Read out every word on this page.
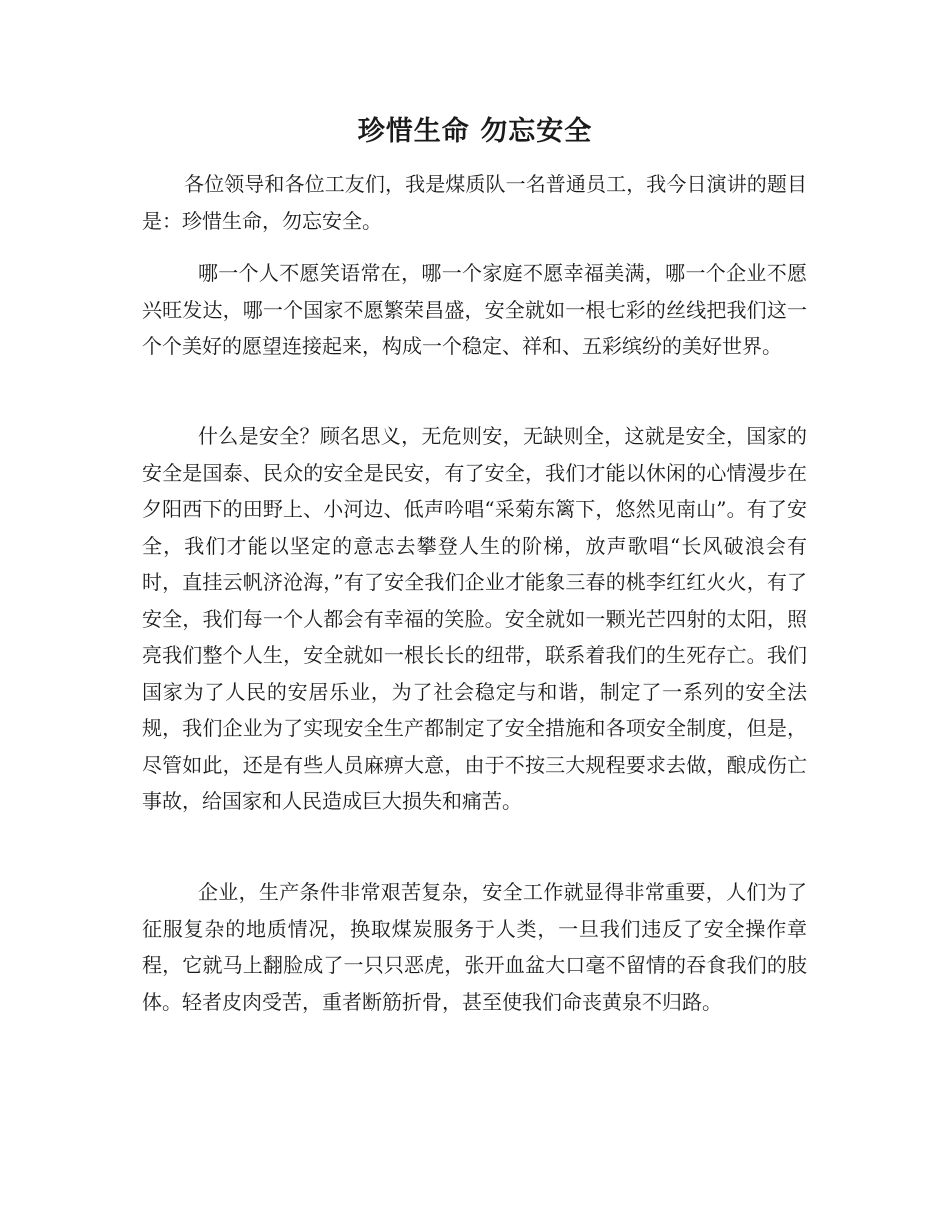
珍惜生命 勿忘安全

各位领导和各位工友们，我是煤质队一名普通员工，我今日演讲的题目是：珍惜生命，勿忘安全。

哪一个人不愿笑语常在，哪一个家庭不愿幸福美满，哪一个企业不愿兴旺发达，哪一个国家不愿繁荣昌盛，安全就如一根七彩的丝线把我们这一个个美好的愿望连接起来，构成一个稳定、祥和、五彩缤纷的美好世界。

什么是安全？顾名思义，无危则安，无缺则全，这就是安全，国家的安全是国泰、民众的安全是民安，有了安全，我们才能以休闲的心情漫步在夕阳西下的田野上、小河边、低声吟唱“采菊东篱下，悠然见南山”。有了安全，我们才能以坚定的意志去攀登人生的阶梯，放声歌唱“长风破浪会有时，直挂云帆济沧海，”有了安全我们企业才能象三春的桃李红红火火，有了安全，我们每一个人都会有幸福的笑脸。安全就如一颗光芒四射的太阳，照亮我们整个人生，安全就如一根长长的纽带，联系着我们的生死存亡。我们国家为了人民的安居乐业，为了社会稳定与和谐，制定了一系列的安全法规，我们企业为了实现安全生产都制定了安全措施和各项安全制度，但是，尽管如此，还是有些人员麻痹大意，由于不按三大规程要求去做，酿成伤亡事故，给国家和人民造成巨大损失和痛苦。

企业，生产条件非常艰苦复杂，安全工作就显得非常重要，人们为了征服复杂的地质情况，换取煤炭服务于人类，一旦我们违反了安全操作章程，它就马上翻脸成了一只只恶虎，张开血盆大口毫不留情的吞食我们的肢体。轻者皮肉受苦，重者断筋折骨，甚至使我们命丧黄泉不归路。
